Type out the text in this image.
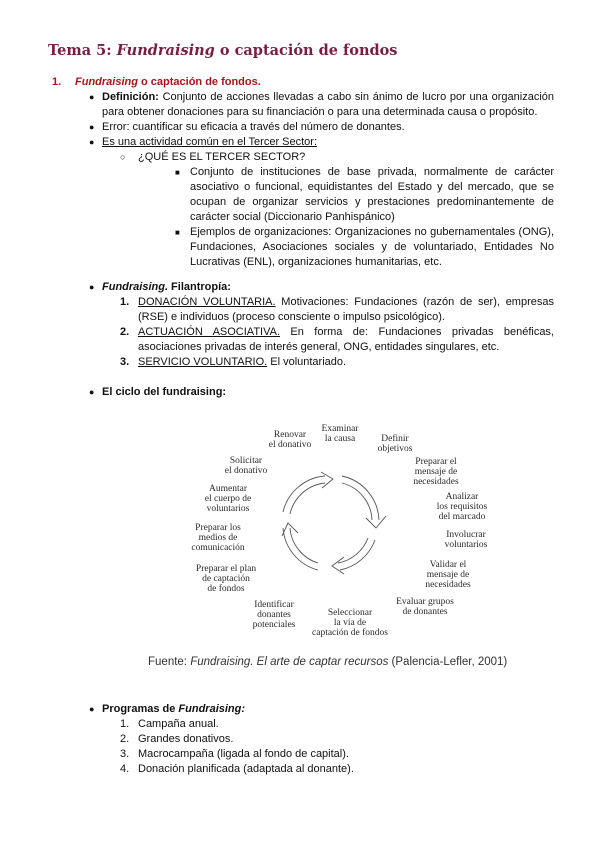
Tema 5: Fundraising o captación de fondos
1. Fundraising o captación de fondos.
● Definición: Conjunto de acciones llevadas a cabo sin ánimo de lucro por una organización para obtener donaciones para su financiación o para una determinada causa o propósito.
● Error: cuantificar su eficacia a través del número de donantes.
● Es una actividad común en el Tercer Sector:
○ ¿QUÉ ES EL TERCER SECTOR?
■ Conjunto de instituciones de base privada, normalmente de carácter asociativo o funcional, equidistantes del Estado y del mercado, que se ocupan de organizar servicios y prestaciones predominantemente de carácter social (Diccionario Panhispánico)
■ Ejemplos de organizaciones: Organizaciones no gubernamentales (ONG), Fundaciones, Asociaciones sociales y de voluntariado, Entidades No Lucrativas (ENL), organizaciones humanitarias, etc.
● Fundraising. Filantropía:
1. DONACIÓN VOLUNTARIA. Motivaciones: Fundaciones (razón de ser), empresas (RSE) e individuos (proceso consciente o impulso psicológico).
2. ACTUACIÓN ASOCIATIVA. En forma de: Fundaciones privadas benéficas, asociaciones privadas de interés general, ONG, entidades singulares, etc.
3. SERVICIO VOLUNTARIO. El voluntariado.
● El ciclo del fundraising:
Examinar
la causa	Definir
objetivos
Preparar el
mensaje de
necesidades
Analizar
los requisitos
del marcado
Involucrar
voluntarios
Validar el
mensaje de
necesidades
Evaluar grupos
de donantes
Seleccionar
la vía de
captación de fondos
Identificar
donantes
potenciales
Preparar el plan
de captación
de fondos
Preparar los
medios de
comunicación
Aumentar
el cuerpo de
voluntarios
Solicitar
el donativo
Renovar
el donativo
Fuente: Fundraising. El arte de captar recursos (Palencia-Lefler, 2001)
● Programas de Fundraising:
1. Campaña anual.
2. Grandes donativos.
3. Macrocampaña (ligada al fondo de capital).
4. Donación planificada (adaptada al donante).
